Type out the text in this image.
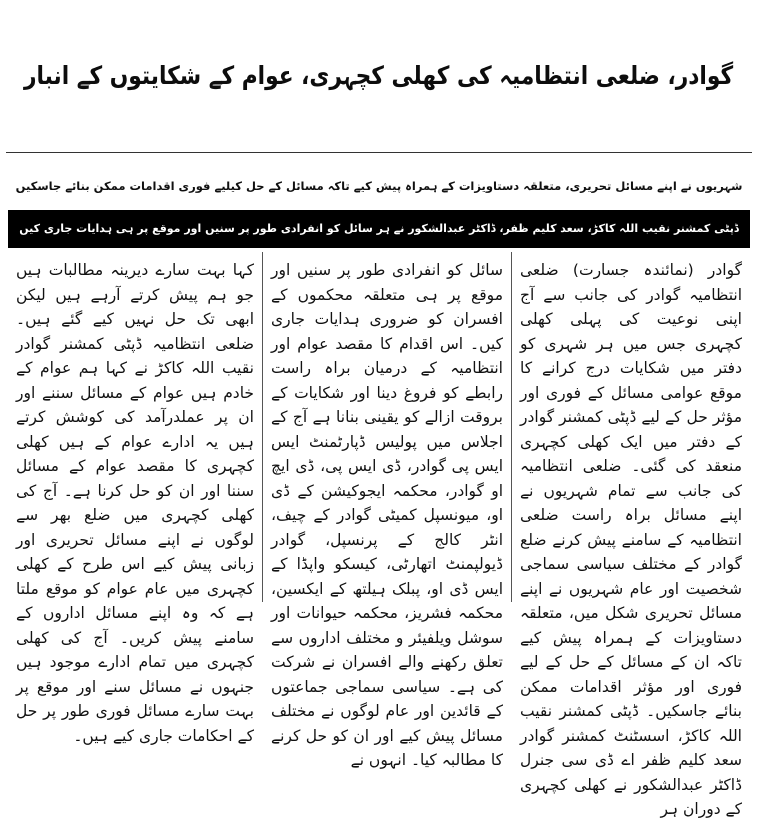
گوادر، ضلعی انتظامیہ کی کھلی کچہری، عوام کے شکایتوں کے انبار
شہریوں نے اپنے مسائل تحریری، متعلقہ دستاویزات کے ہمراہ پیش کیے تاکہ مسائل کے حل کیلیے فوری اقدامات ممکن بنائے جاسکیں
ڈپٹی کمشنر نقیب اللہ کاکڑ، سعد کلیم ظفر، ڈاکٹر عبدالشکور نے ہر سائل کو انفرادی طور پر سنیں اور موقع پر ہی ہدایات جاری کیں
گوادر (نمائندہ جسارت) ضلعی انتظامیہ گوادر کی جانب سے آج اپنی نوعیت کی پہلی کھلی کچہری جس میں ہر شہری کو دفتر میں شکایات درج کرانے کا موقع عوامی مسائل کے فوری اور مؤثر حل کے لیے ڈپٹی کمشنر گوادر کے دفتر میں ایک کھلی کچہری منعقد کی گئی۔ ضلعی انتظامیہ کی جانب سے تمام شہریوں نے اپنے مسائل براہ راست ضلعی انتظامیہ کے سامنے پیش کرنے ضلع گوادر کے مختلف سیاسی سماجی شخصیت اور عام شہریوں نے اپنے مسائل تحریری شکل میں، متعلقہ دستاویزات کے ہمراہ پیش کیے تاکہ ان کے مسائل کے حل کے لیے فوری اور مؤثر اقدامات ممکن بنائے جاسکیں۔ ڈپٹی کمشنر نقیب اللہ کاکڑ، اسسٹنٹ کمشنر گوادر سعد کلیم ظفر اے ڈی سی جنرل ڈاکٹر عبدالشکور نے کھلی کچہری کے دوران ہر
سائل کو انفرادی طور پر سنیں اور موقع پر ہی متعلقہ محکموں کے افسران کو ضروری ہدایات جاری کیں۔ اس اقدام کا مقصد عوام اور انتظامیہ کے درمیان براہ راست رابطے کو فروغ دینا اور شکایات کے بروقت ازالے کو یقینی بنانا ہے آج کے اجلاس میں پولیس ڈپارٹمنٹ ایس ایس پی گوادر، ڈی ایس پی، ڈی ایچ او گوادر، محکمہ ایجوکیشن کے ڈی او، میونسپل کمیٹی گوادر کے چیف، انٹر کالج کے پرنسپل، گوادر ڈیولپمنٹ اتھارٹی، کیسکو واپڈا کے ایس ڈی او، پبلک ہیلتھ کے ایکسین، محکمہ فشریز، محکمہ حیوانات اور سوشل ویلفیئر و مختلف اداروں سے تعلق رکھنے والے افسران نے شرکت کی ہے۔ سیاسی سماجی جماعتوں کے قائدین اور عام لوگوں نے مختلف مسائل پیش کیے اور ان کو حل کرنے کا مطالبہ کیا۔ انہوں نے
کہا بہت سارے دیرینہ مطالبات ہیں جو ہم پیش کرتے آرہے ہیں لیکن ابھی تک حل نہیں کیے گئے ہیں۔ ضلعی انتظامیہ ڈپٹی کمشنر گوادر نقیب اللہ کاکڑ نے کہا ہم عوام کے خادم ہیں عوام کے مسائل سننے اور ان پر عملدرآمد کی کوشش کرتے ہیں یہ ادارے عوام کے ہیں کھلی کچہری کا مقصد عوام کے مسائل سننا اور ان کو حل کرنا ہے۔ آج کی کھلی کچہری میں ضلع بھر سے لوگوں نے اپنے مسائل تحریری اور زبانی پیش کیے اس طرح کے کھلی کچہری میں عام عوام کو موقع ملتا ہے کہ وہ اپنے مسائل اداروں کے سامنے پیش کریں۔ آج کی کھلی کچہری میں تمام ادارے موجود ہیں جنہوں نے مسائل سنے اور موقع پر بہت سارے مسائل فوری طور پر حل کے احکامات جاری کیے ہیں۔
